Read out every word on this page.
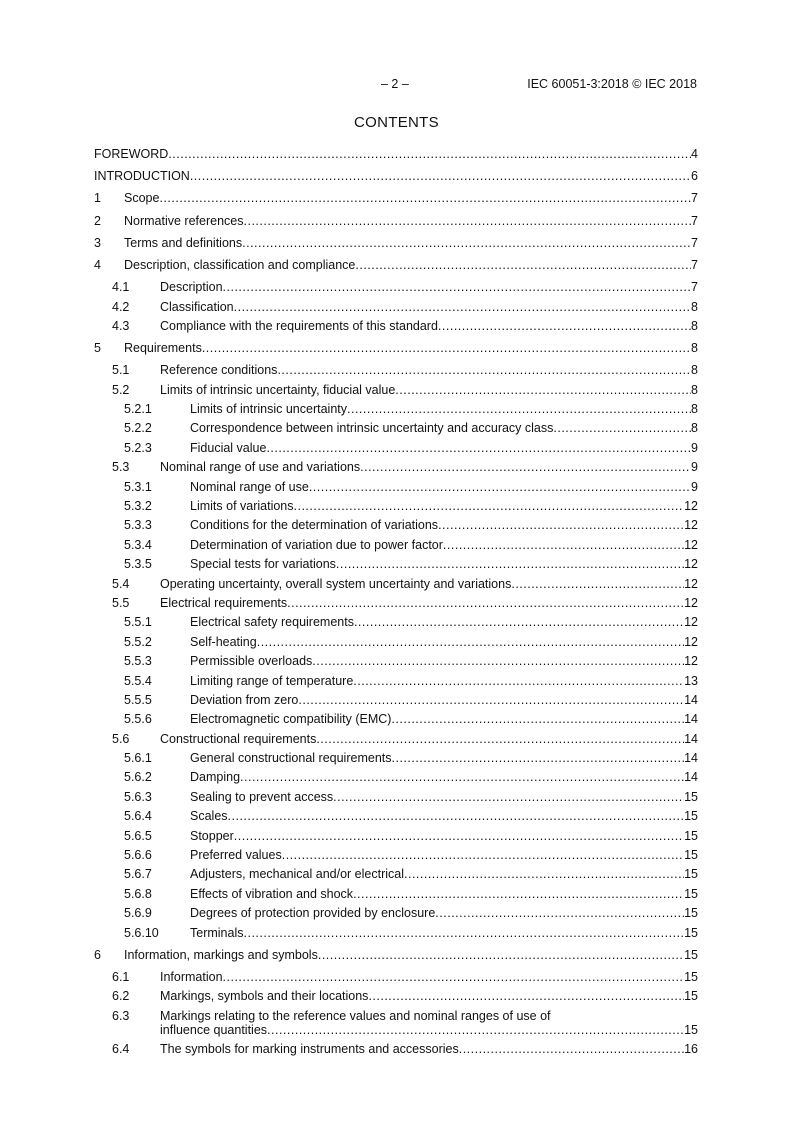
– 2 –	IEC 60051-3:2018 © IEC 2018
CONTENTS
FOREWORD .....	4
INTRODUCTION .....	6
1 Scope .....	7
2 Normative references .....	7
3 Terms and definitions .....	7
4 Description, classification and compliance .....	7
4.1 Description .....	7
4.2 Classification .....	8
4.3 Compliance with the requirements of this standard .....	8
5 Requirements .....	8
5.1 Reference conditions .....	8
5.2 Limits of intrinsic uncertainty, fiducial value .....	8
5.2.1	Limits of intrinsic uncertainty .....	8
5.2.2	Correspondence between intrinsic uncertainty and accuracy class .....	8
5.2.3	Fiducial value .....	9
5.3 Nominal range of use and variations .....	9
5.3.1	Nominal range of use .....	9
5.3.2	Limits of variations .....	12
5.3.3	Conditions for the determination of variations .....	12
5.3.4	Determination of variation due to power factor .....	12
5.3.5	Special tests for variations .....	12
5.4 Operating uncertainty, overall system uncertainty and variations .....	12
5.5 Electrical requirements .....	12
5.5.1	Electrical safety requirements .....	12
5.5.2	Self-heating .....	12
5.5.3	Permissible overloads .....	12
5.5.4	Limiting range of temperature .....	13
5.5.5	Deviation from zero .....	14
5.5.6	Electromagnetic compatibility (EMC) .....	14
5.6 Constructional requirements .....	14
5.6.1	General constructional requirements .....	14
5.6.2	Damping .....	14
5.6.3	Sealing to prevent access .....	15
5.6.4	Scales .....	15
5.6.5	Stopper .....	15
5.6.6	Preferred values .....	15
5.6.7	Adjusters, mechanical and/or electrical .....	15
5.6.8	Effects of vibration and shock .....	15
5.6.9	Degrees of protection provided by enclosure .....	15
5.6.10 Terminals .....	15
6 Information, markings and symbols .....	15
6.1 Information .....	15
6.2 Markings, symbols and their locations .....	15
6.3 Markings relating to the reference values and nominal ranges of use of
influence quantities .....	15
6.4 The symbols for marking instruments and accessories .....	16
